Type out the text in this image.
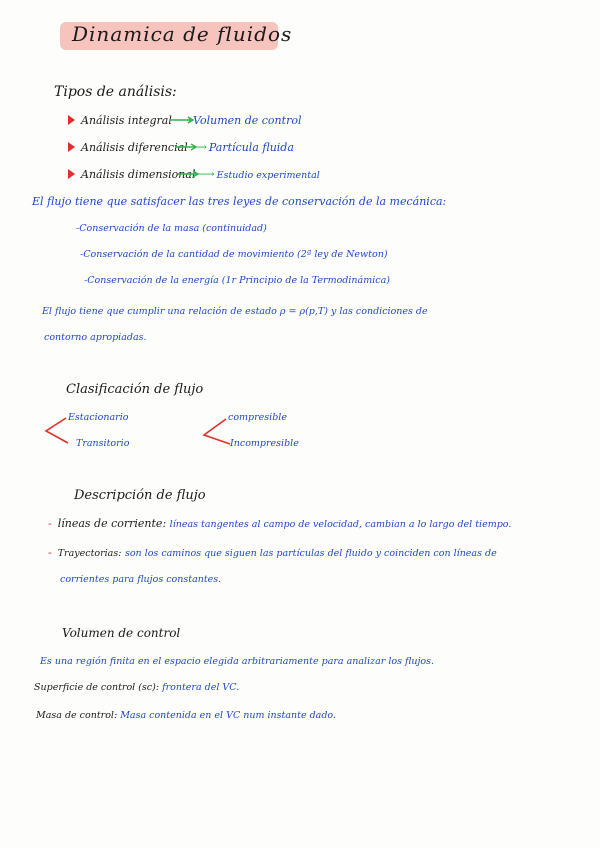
Dinamica de fluidos
Tipos de análisis:
Análisis integral ⟶ Volumen de control
Análisis diferencial ⟶ Partícula fluida
Análisis dimensional ⟶ Estudio experimental
El flujo tiene que satisfacer las tres leyes de conservación de la mecánica:
-Conservación de la masa (continuidad)
-Conservación de la cantidad de movimiento (2ª ley de Newton)
-Conservación de la energía (1r Principio de la Termodinámica)
El flujo tiene que cumplir una relación de estado ρ = ρ(p,T) y las condiciones de
contorno apropiadas.
Clasificación de flujo
Estacionario
Transitorio
compresible
Incompresible
Descripción de flujo
- líneas de corriente: líneas tangentes al campo de velocidad, cambian a lo largo del tiempo.
- Trayectorias: son los caminos que siguen las partículas del fluido y coinciden con líneas de
corrientes para flujos constantes.
Volumen de control
Es una región finita en el espacio elegida arbitrariamente para analizar los flujos.
Superficie de control (sc): frontera del VC.
Masa de control: Masa contenida en el VC num instante dado.
